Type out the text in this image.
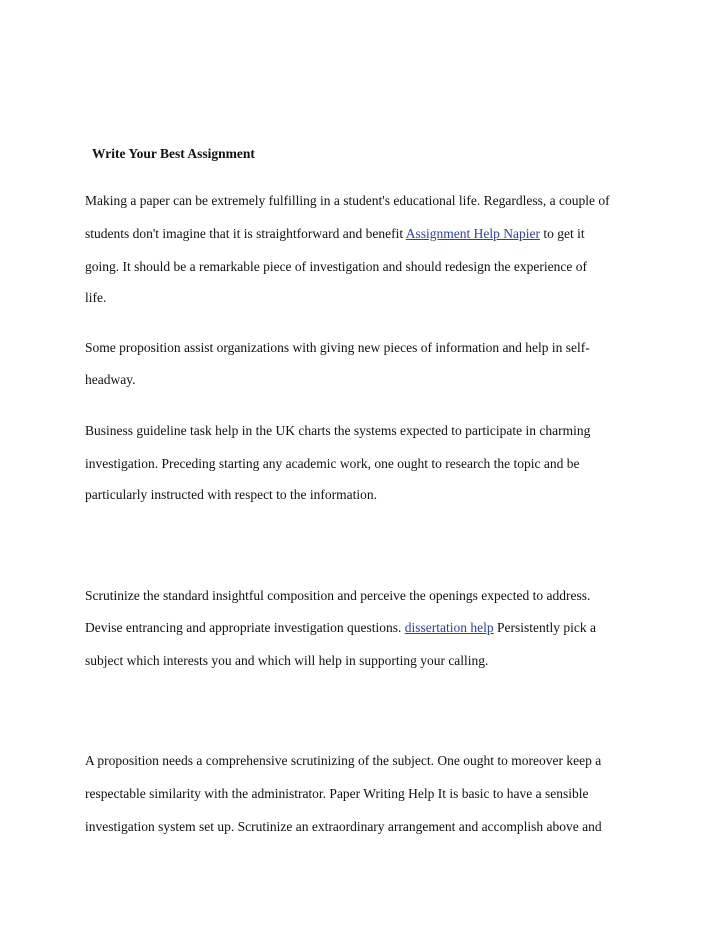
Write Your Best Assignment

Making a paper can be extremely fulfilling in a student's educational life. Regardless, a couple of

students don't imagine that it is straightforward and benefit Assignment Help Napier to get it

going. It should be a remarkable piece of investigation and should redesign the experience of

life.

Some proposition assist organizations with giving new pieces of information and help in self-

headway.

Business guideline task help in the UK charts the systems expected to participate in charming

investigation. Preceding starting any academic work, one ought to research the topic and be

particularly instructed with respect to the information.

Scrutinize the standard insightful composition and perceive the openings expected to address.

Devise entrancing and appropriate investigation questions. dissertation help Persistently pick a

subject which interests you and which will help in supporting your calling.

A proposition needs a comprehensive scrutinizing of the subject. One ought to moreover keep a

respectable similarity with the administrator. Paper Writing Help It is basic to have a sensible

investigation system set up. Scrutinize an extraordinary arrangement and accomplish above and
